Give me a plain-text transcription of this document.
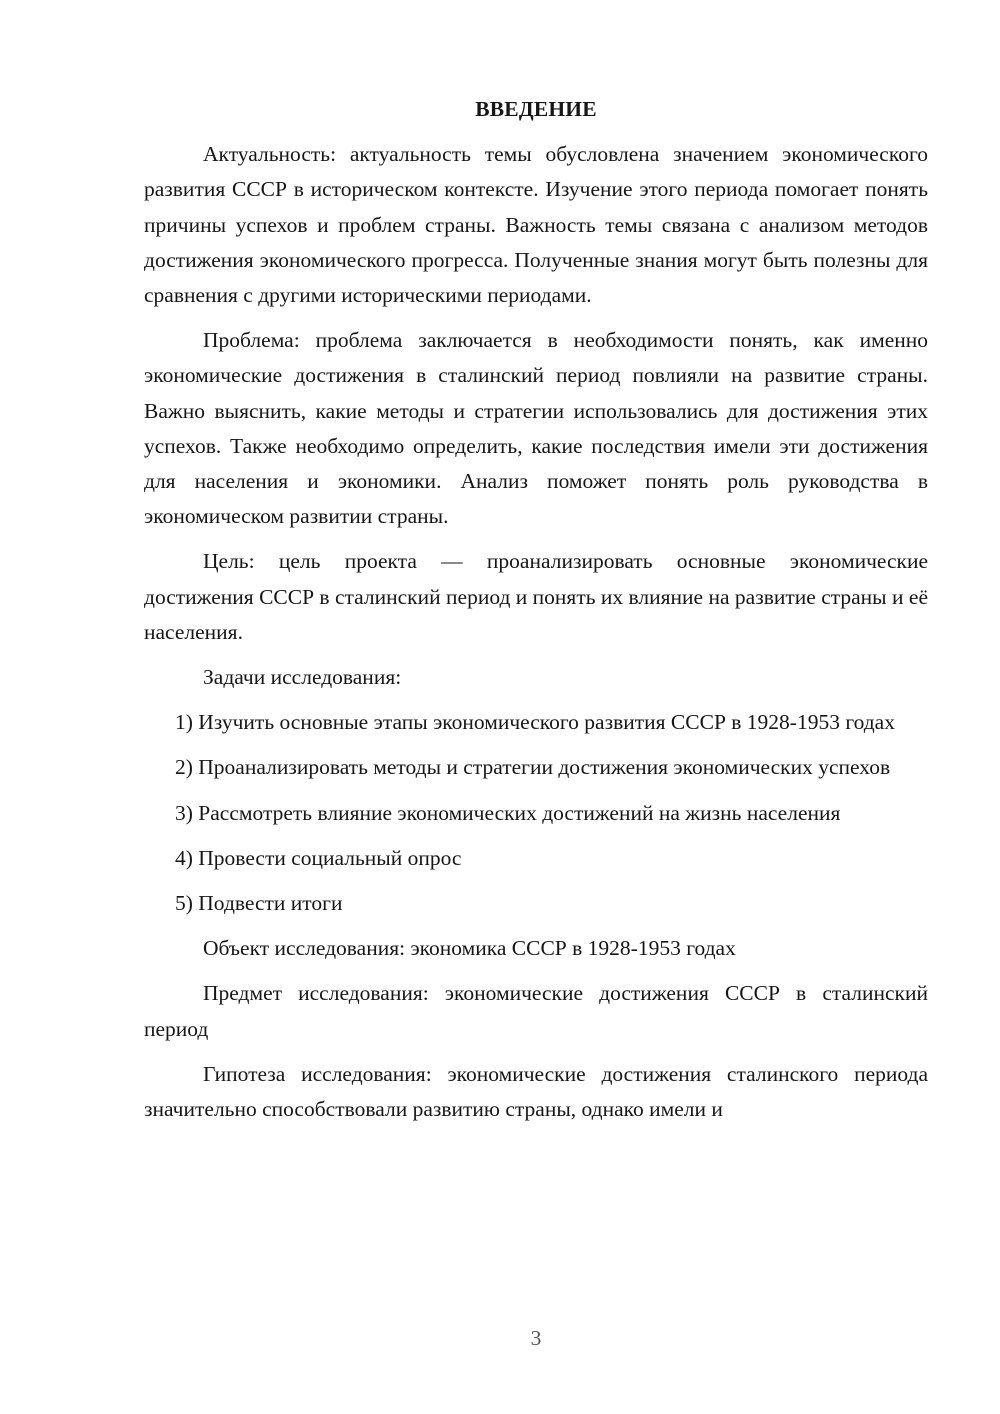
ВВЕДЕНИЕ

Актуальность: актуальность темы обусловлена значением экономического развития СССР в историческом контексте. Изучение этого периода помогает понять причины успехов и проблем страны. Важность темы связана с анализом методов достижения экономического прогресса. Полученные знания могут быть полезны для сравнения с другими историческими периодами.

Проблема: проблема заключается в необходимости понять, как именно экономические достижения в сталинский период повлияли на развитие страны. Важно выяснить, какие методы и стратегии использовались для достижения этих успехов. Также необходимо определить, какие последствия имели эти достижения для населения и экономики. Анализ поможет понять роль руководства в экономическом развитии страны.

Цель: цель проекта — проанализировать основные экономические достижения СССР в сталинский период и понять их влияние на развитие страны и её населения.

Задачи исследования:

1) Изучить основные этапы экономического развития СССР в 1928-1953 годах

2) Проанализировать методы и стратегии достижения экономических успехов

3) Рассмотреть влияние экономических достижений на жизнь населения

4) Провести социальный опрос

5) Подвести итоги

Объект исследования: экономика СССР в 1928-1953 годах

Предмет исследования: экономические достижения СССР в сталинский период

Гипотеза исследования: экономические достижения сталинского периода значительно способствовали развитию страны, однако имели и

3
